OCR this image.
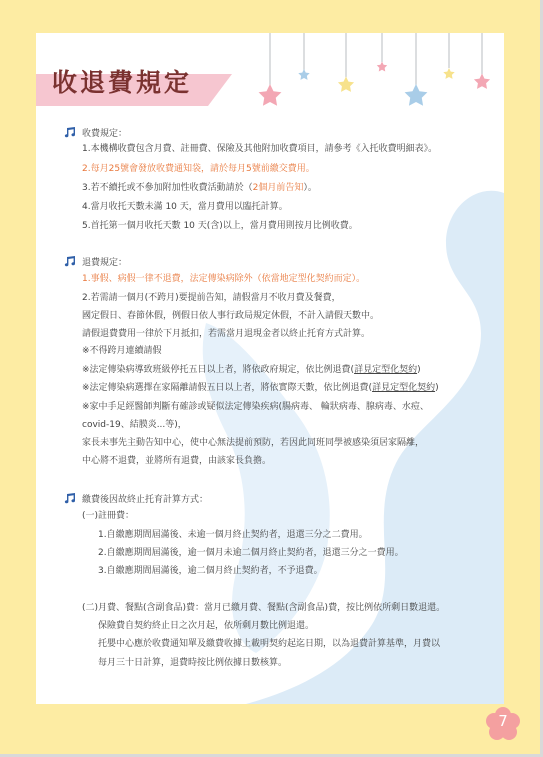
收退費規定
收費規定：
1.本機構收費包含月費、註冊費、保險及其他附加收費項目，請參考《入托收費明細表》。
2.每月25號會發放收費通知袋，請於每月5號前繳交費用。
3.若不續托或不參加附加性收費活動請於（2個月前告知）。
4.當月收托天數未滿 10 天，當月費用以臨托計算。
5.首托第一個月收托天數 10 天(含)以上，當月費用則按月比例收費。
退費規定：
1.事假、病假一律不退費，法定傳染病除外（依當地定型化契約而定）。
2.若需請一個月(不跨月)要提前告知，請假當月不收月費及餐費，
國定假日、春節休假，例假日依人事行政局規定休假，不計入請假天數中。
請假退費費用一律於下月抵扣，若需當月退現金者以終止托育方式計算。
※不得跨月連續請假
※法定傳染病導致班級停托五日以上者，將依政府規定，依比例退費(詳見定型化契約)
※法定傳染病選擇在家隔離請假五日以上者，將依實際天數，依比例退費(詳見定型化契約)
※家中手足經醫師判斷有確診或疑似法定傳染疾病(腸病毒、 輪狀病毒、腺病毒、水痘、
covid-19、結膜炎...等)，
家長未事先主動告知中心，使中心無法提前預防，若因此同班同學被感染須居家隔離，
中心將不退費，並將所有退費，由該家長負擔。
繳費後因故終止托育計算方式：
(一)註冊費：
1.自繳應期間屆滿後、未逾一個月終止契約者，退還三分之二費用。
2.自繳應期間屆滿後，逾一個月未逾二個月終止契約者，退還三分之一費用。
3.自繳應期間屆滿後，逾二個月終止契約者，不予退費。
(二)月費、餐點(含副食品)費：當月已繳月費、餐點(含副食品)費，按比例依所剩日數退還。
保險費自契約終止日之次月起，依所剩月數比例退還。
托嬰中心應於收費通知單及繳費收據上載明契約起迄日期，以為退費計算基準，月費以
每月三十日計算，退費時按比例依據日數核算。
7
